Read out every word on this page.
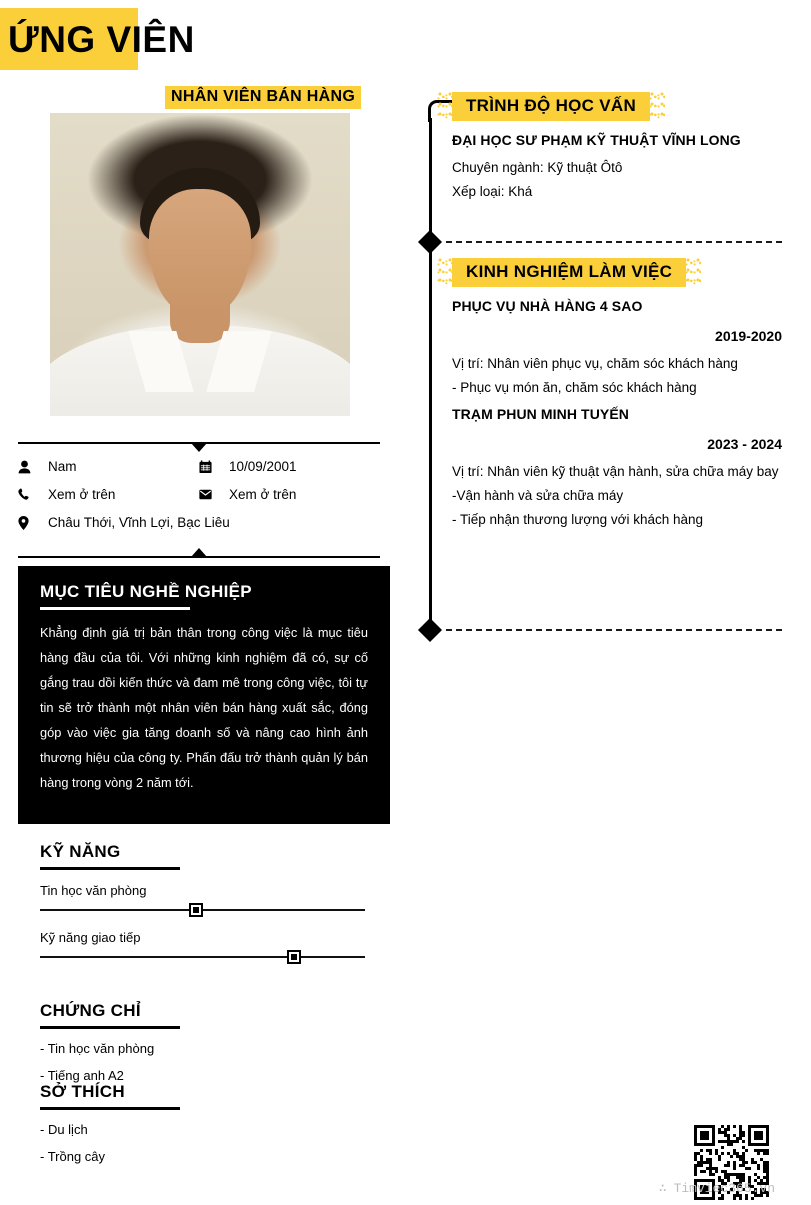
ỨNG VIÊN
NHÂN VIÊN BÁN HÀNG
Nam	10/09/2001
Xem ở trên	Xem ở trên
Châu Thới, Vĩnh Lợi, Bạc Liêu
MỤC TIÊU NGHỀ NGHIỆP
Khẳng định giá trị bản thân trong công việc là mục tiêu hàng đầu của tôi. Với những kinh nghiệm đã có, sự cố gắng trau dồi kiến thức và đam mê trong công việc, tôi tự tin sẽ trở thành một nhân viên bán hàng xuất sắc, đóng góp vào việc gia tăng doanh số và nâng cao hình ảnh thương hiệu của công ty. Phấn đấu trở thành quản lý bán hàng trong vòng 2 năm tới.
KỸ NĂNG
Tin học văn phòng
Kỹ năng giao tiếp
CHỨNG CHỈ
- Tin học văn phòng
- Tiếng anh A2
SỞ THÍCH
- Du lịch
- Trồng cây
TRÌNH ĐỘ HỌC VẤN
ĐẠI HỌC SƯ PHẠM KỸ THUẬT VĨNH LONG
Chuyên ngành: Kỹ thuật Ôtô
Xếp loại: Khá
KINH NGHIỆM LÀM VIỆC
PHỤC VỤ NHÀ HÀNG 4 SAO
2019-2020
Vị trí: Nhân viên phục vụ, chăm sóc khách hàng
- Phục vụ món ăn, chăm sóc khách hàng
TRẠM PHUN MINH TUYẾN
2023 - 2024
Vị trí: Nhân viên kỹ thuật vận hành, sửa chữa máy bay
-Vận hành và sửa chữa máy
- Tiếp nhận thương lượng với khách hàng
∴ Timviec365.vn
